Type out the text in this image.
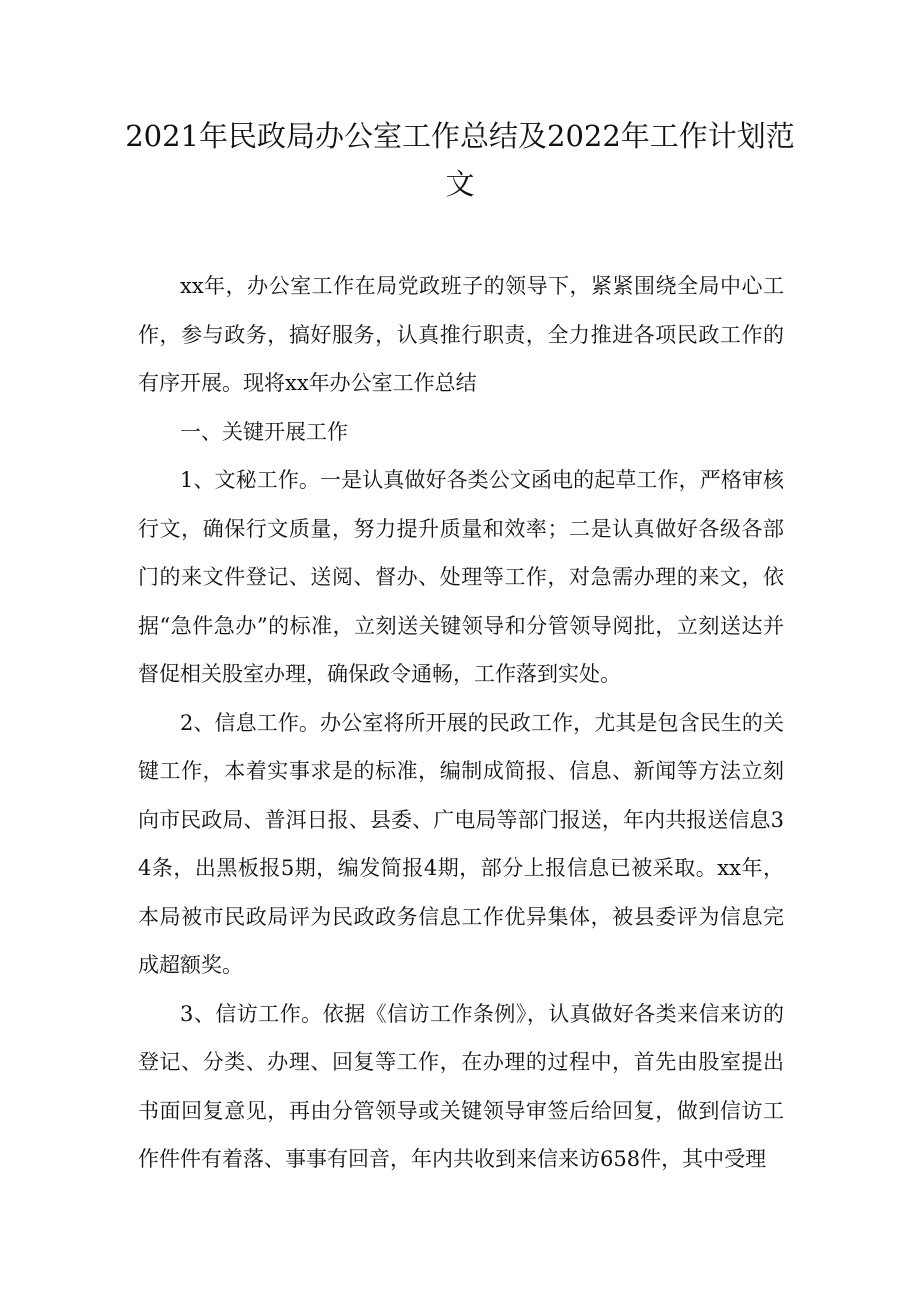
2021年民政局办公室工作总结及2022年工作计划范文

xx年，办公室工作在局党政班子的领导下，紧紧围绕全局中心工作，参与政务，搞好服务，认真推行职责，全力推进各项民政工作的有序开展。现将xx年办公室工作总结

一、关键开展工作

1、文秘工作。一是认真做好各类公文函电的起草工作，严格审核行文，确保行文质量，努力提升质量和效率；二是认真做好各级各部门的来文件登记、送阅、督办、处理等工作，对急需办理的来文，依据“急件急办”的标准，立刻送关键领导和分管领导阅批，立刻送达并督促相关股室办理，确保政令通畅，工作落到实处。

2、信息工作。办公室将所开展的民政工作，尤其是包含民生的关键工作，本着实事求是的标准，编制成简报、信息、新闻等方法立刻向市民政局、普洱日报、县委、广电局等部门报送，年内共报送信息34条，出黑板报5期，编发简报4期，部分上报信息已被采取。xx年，本局被市民政局评为民政政务信息工作优异集体，被县委评为信息完成超额奖。

3、信访工作。依据《信访工作条例》，认真做好各类来信来访的登记、分类、办理、回复等工作，在办理的过程中，首先由股室提出书面回复意见，再由分管领导或关键领导审签后给回复，做到信访工作件件有着落、事事有回音，年内共收到来信来访658件，其中受理
